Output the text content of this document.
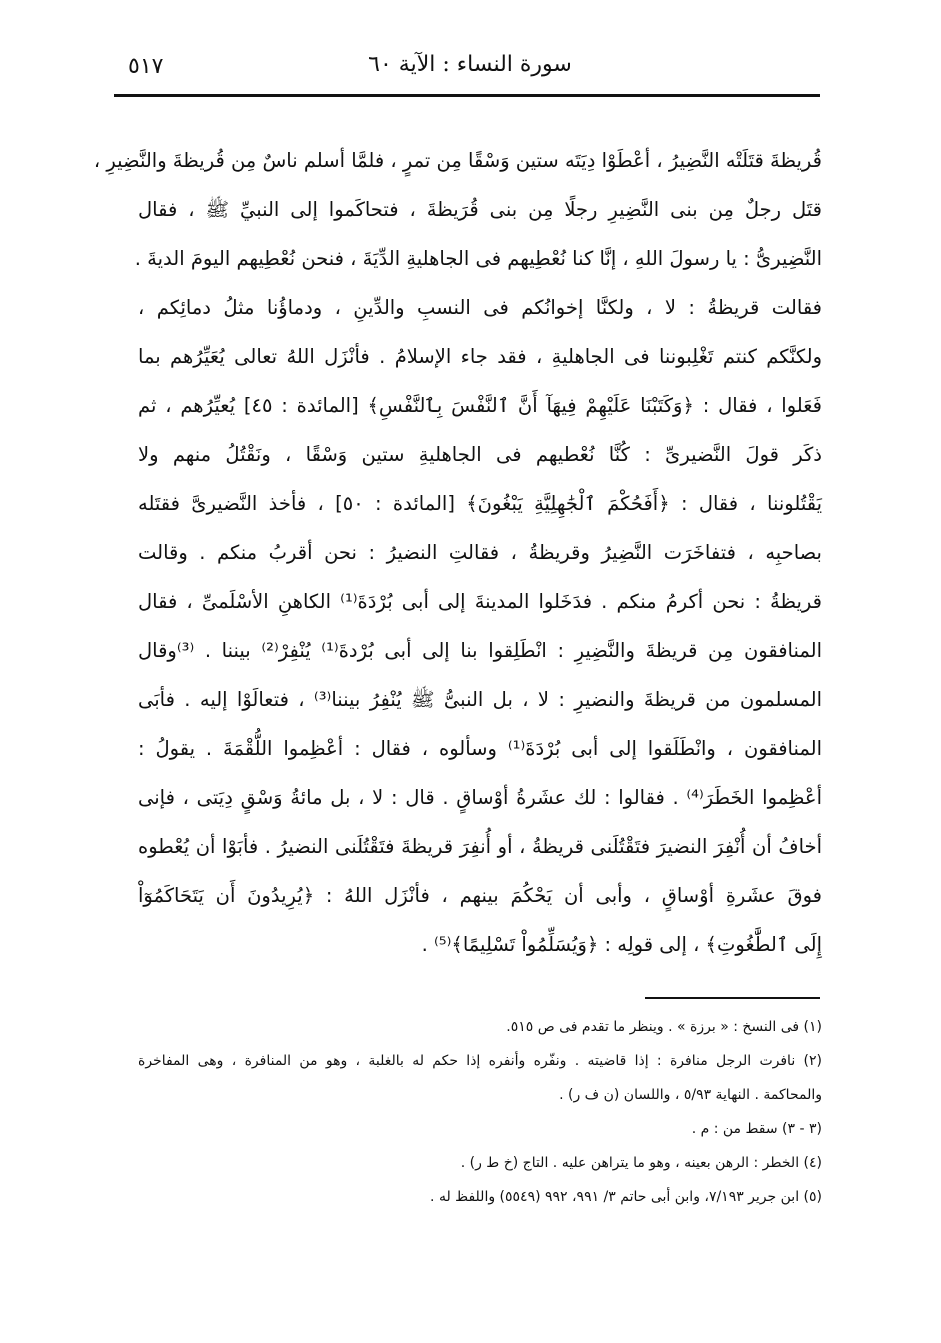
٥١٧	سورة النساء : الآية ٦٠
قُريظةَ قتَلَتْه النَّضِيرُ ، أعْطَوْا دِيَتَه ستين وَسْقًا مِن تمرٍ ، فلمَّا أسلم ناسٌ مِن قُريظةَ والنَّضِيرِ ،
قتَل رجلٌ مِن بنى النَّضِيرِ رجلًا مِن بنى قُرَيظةَ ، فتحاكَموا إلى النبيِّ ﷺ ، فقال
النَّضِيرىُّ : يا رسولَ اللهِ ، إنَّا كنا نُعْطِيهم فى الجاهليةِ الدِّيَةَ ، فنحن نُعْطِيهم اليومَ الديةَ .
فقالت قريظةُ : لا ، ولكنَّا إخوانُكم فى النسبِ والدِّينِ ، ودماؤُنا مثلُ دمائِكم ،
ولكنَّكم كنتم تَغْلِبوننا فى الجاهليةِ ، فقد جاء الإسلامُ . فأنْزَل اللهُ تعالى يُعَيِّرُهم بما
فَعَلوا ، فقال : ﴿وَكَتَبْنَا عَلَيْهِمْ فِيهَآ أَنَّ ٱلنَّفْسَ بِٱلنَّفْسِ﴾ [المائدة : ٤٥] يُعيِّرُهم ، ثم
ذكَر قولَ النَّضيرىِّ : كُنَّا نُعْطيهم فى الجاهليةِ ستين وَسْقًا ، ونَقْتُلُ منهم ولا
يَقْتُلوننا ، فقال : ﴿أَفَحُكْمَ ٱلْجَٰهِلِيَّةِ يَبْغُونَ﴾ [المائدة : ٥٠] ، فأخذ النَّضيرىَّ فقتَله
بصاحبِه ، فتفاخَرَت النَّضِيرُ وقريظةُ ، فقالتِ النضيرُ : نحن أقربُ منكم . وقالت
قريظةُ : نحن أكرمُ منكم . فدَخَلوا المدينةَ إلى أبى بُرْدَةَ⁽¹⁾ الكاهنِ الأسْلَمىِّ ، فقال
المنافقون مِن قريظةَ والنَّضِيرِ : انْطَلِقوا بنا إلى أبى بُرْدةَ⁽¹⁾ يُنْفِرْ⁽²⁾ بيننا . ⁽³⁾وقال
المسلمون من قريظةَ والنضيرِ : لا ، بل النبىُّ ﷺ يُنْفِرُ بيننا⁽³⁾ ، فتعالَوْا إليه . فأبَى
المنافقون ، وانْطَلَقوا إلى أبى بُرْدَةَ⁽¹⁾ وسألوه ، فقال : أعْظِموا اللُّقْمَةَ . يقولُ :
أعْظِموا الخَطَرَ⁽⁴⁾ . فقالوا : لك عشَرةُ أوْساقٍ . قال : لا ، بل مائةُ وَسْقٍ دِيَتى ، فإنى
أخافُ أن أُنْفِرَ النضيرَ فتَقْتُلَنى قريظةُ ، أو أُنفِرَ قريظةَ فتَقْتُلَنى النضيرُ . فأبَوْا أن يُعْطوه
فوقَ عشَرةِ أوْساقٍ ، وأبى أن يَحْكُمَ بينهم ، فأنْزَل اللهُ : ﴿يُرِيدُونَ أَن يَتَحَاكَمُوٓاْ
إِلَى ٱلطَّٰغُوتِ﴾ ، إلى قولِه : ﴿وَيُسَلِّمُواْ تَسْلِيمًا﴾⁽⁵⁾ .
(١) فى النسخ : « برزة » . وينظر ما تقدم فى ص ٥١٥.
(٢) نافرت الرجل منافرة : إذا قاضيته . ونفّره وأنفره إذا حكم له بالغلبة ، وهو من المنافرة ، وهى المفاخرة
والمحاكمة . النهاية ٥/٩٣ ، واللسان (ن ف ر) .
(٣ - ٣) سقط من : م .
(٤) الخطر : الرهن بعينه ، وهو ما يتراهن عليه . التاج (خ ط ر) .
(٥) ابن جرير ٧/١٩٣، وابن أبى حاتم ٣/ ٩٩١، ٩٩٢ (٥٥٤٩) واللفظ له .
